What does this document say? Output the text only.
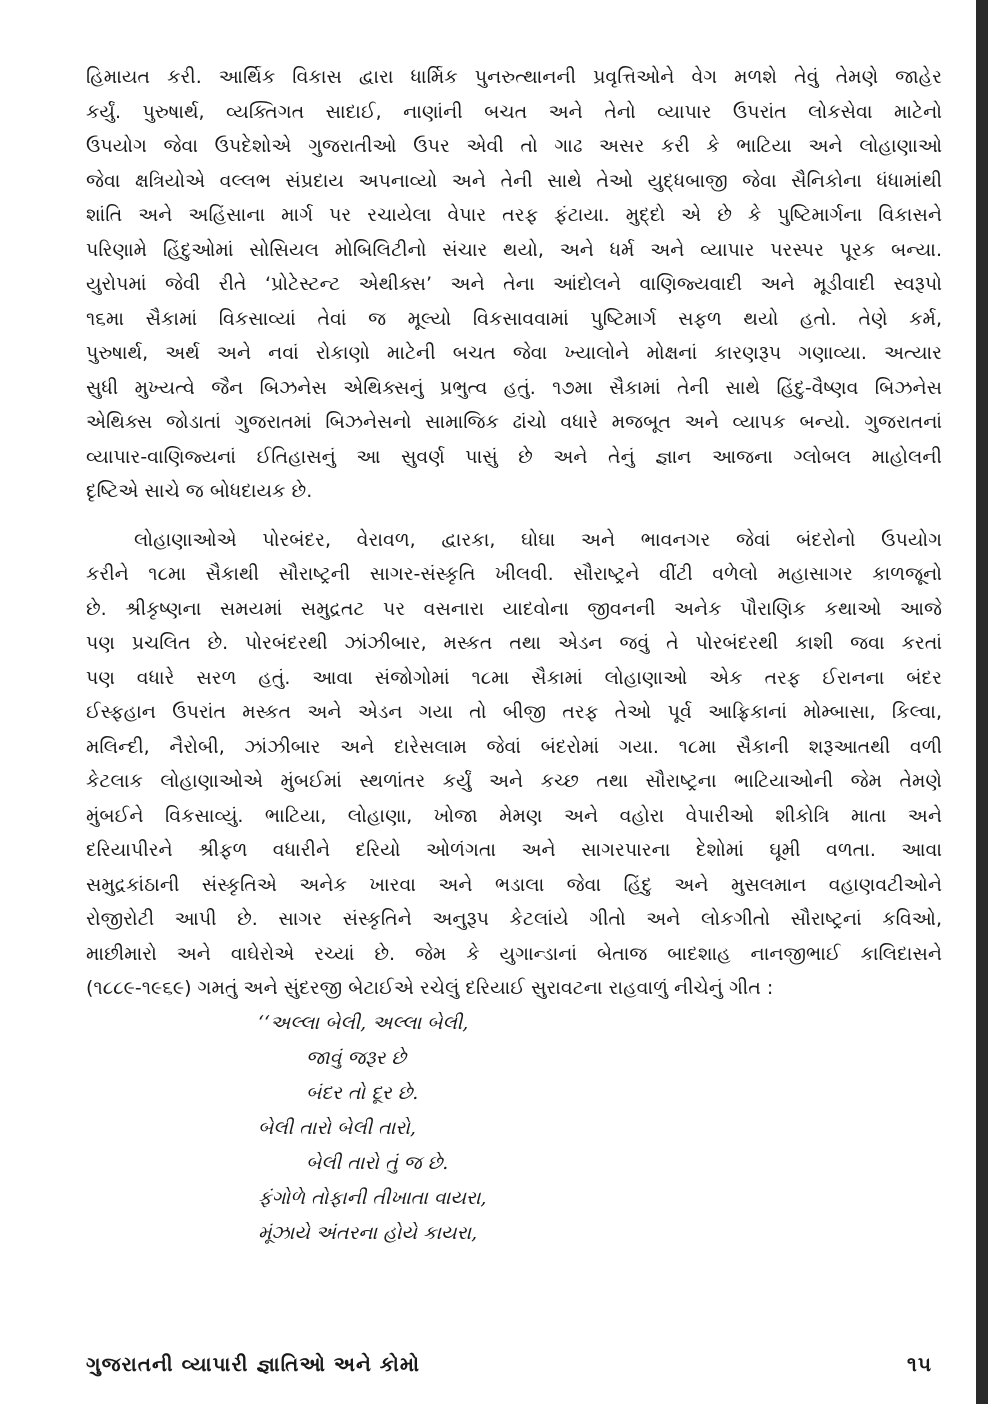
હિમાયત કરી. આર્થિક વિકાસ દ્વારા ધાર્મિક પુનરુત્થાનની પ્રવૃત્તિઓને વેગ મળશે તેવું તેમણે જાહેર
કર્યું. પુરુષાર્થ, વ્યક્તિગત સાદાઈ, નાણાંની બચત અને તેનો વ્યાપાર ઉપરાંત લોકસેવા માટેનો
ઉપયોગ જેવા ઉપદેશોએ ગુજરાતીઓ ઉપર એવી તો ગાઢ અસર કરી કે ભાટિયા અને લોહાણાઓ
જેવા ક્ષત્રિયોએ વલ્લભ સંપ્રદાય અપનાવ્યો અને તેની સાથે તેઓ યુદ્ધબાજી જેવા સૈનિકોના ધંધામાંથી
શાંતિ અને અહિંસાના માર્ગ પર રચાયેલા વેપાર તરફ ફંટાયા. મુદ્દો એ છે કે પુષ્ટિમાર્ગના વિકાસને
પરિણામે હિંદુઓમાં સોસિયલ મોબિલિટીનો સંચાર થયો, અને ધર્મ અને વ્યાપાર પરસ્પર પૂરક બન્યા.
યુરોપમાં જેવી રીતે ‘પ્રોટેસ્ટન્ટ એથીક્સ’ અને તેના આંદોલને વાણિજ્યવાદી અને મૂડીવાદી સ્વરૂપો
૧૬મા સૈકામાં વિકસાવ્યાં તેવાં જ મૂલ્યો વિકસાવવામાં પુષ્ટિમાર્ગ સફળ થયો હતો. તેણે કર્મ,
પુરુષાર્થ, અર્થ અને નવાં રોકાણો માટેની બચત જેવા ખ્યાલોને મોક્ષનાં કારણરૂપ ગણાવ્યા. અત્યાર
સુધી મુખ્યત્વે જૈન બિઝનેસ એથિક્સનું પ્રભુત્વ હતું. ૧૭મા સૈકામાં તેની સાથે હિંદુ-વૈષ્ણવ બિઝનેસ
એથિક્સ જોડાતાં ગુજરાતમાં બિઝનેસનો સામાજિક ઢાંચો વધારે મજબૂત અને વ્યાપક બન્યો. ગુજરાતનાં
વ્યાપાર-વાણિજ્યનાં ઈતિહાસનું આ સુવર્ણ પાસું છે અને તેનું જ્ઞાન આજના ગ્લોબલ માહોલની
દૃષ્ટિએ સાચે જ બોધદાયક છે.

લોહાણાઓએ પોરબંદર, વેરાવળ, દ્વારકા, ઘોઘા અને ભાવનગર જેવાં બંદરોનો ઉપયોગ
કરીને ૧૮મા સૈકાથી સૌરાષ્ટ્રની સાગર-સંસ્કૃતિ ખીલવી. સૌરાષ્ટ્રને વીંટી વળેલો મહાસાગર કાળજૂનો
છે. શ્રીકૃષ્ણના સમયમાં સમુદ્રતટ પર વસનારા યાદવોના જીવનની અનેક પૌરાણિક કથાઓ આજે
પણ પ્રચલિત છે. પોરબંદરથી ઝાંઝીબાર, મસ્કત તથા એડન જવું તે પોરબંદરથી કાશી જવા કરતાં
પણ વધારે સરળ હતું. આવા સંજોગોમાં ૧૮મા સૈકામાં લોહાણાઓ એક તરફ ઈરાનના બંદર
ઈસ્ફહાન ઉપરાંત મસ્કત અને એડન ગયા તો બીજી તરફ તેઓ પૂર્વ આફ્રિકાનાં મોમ્બાસા, કિલ્વા,
મલિન્દી, નૈરોબી, ઝાંઝીબાર અને દારેસલામ જેવાં બંદરોમાં ગયા. ૧૮મા સૈકાની શરૂઆતથી વળી
કેટલાક લોહાણાઓએ મુંબઈમાં સ્થળાંતર કર્યું અને કચ્છ તથા સૌરાષ્ટ્રના ભાટિયાઓની જેમ તેમણે
મુંબઈને વિકસાવ્યું. ભાટિયા, લોહાણા, ખોજા મેમણ અને વહોરા વેપારીઓ શીકોત્રિ માતા અને
દરિયાપીરને શ્રીફળ વધારીને દરિયો ઓળંગતા અને સાગરપારના દેશોમાં ઘૂમી વળતા. આવા
સમુદ્રકાંઠાની સંસ્કૃતિએ અનેક ખારવા અને ભડાલા જેવા હિંદુ અને મુસલમાન વહાણવટીઓને
રોજીરોટી આપી છે. સાગર સંસ્કૃતિને અનુરૂપ કેટલાંયે ગીતો અને લોકગીતો સૌરાષ્ટ્રનાં કવિઓ,
માછીમારો અને વાઘેરોએ રચ્યાં છે. જેમ કે યુગાન્ડાનાં બેતાજ બાદશાહ નાનજીભાઈ કાલિદાસને
(૧૮૮૯-૧૯૬૯) ગમતું અને સુંદરજી બેટાઈએ રચેલું દરિયાઈ સુરાવટના રાહવાળું નીચેનું ગીત :

‘‘અલ્લા બેલી, અલ્લા બેલી,
જાવું જરૂર છે
બંદર તો દૂર છે.
બેલી તારો બેલી તારો,
બેલી તારો તું જ છે.
ફંગોળે તોફાની તીખાતા વાયરા,
મૂંઝાયે અંતરના હોયે કાયરા,
ગુજરાતની વ્યાપારી જ્ઞાતિઓ અને કોમો	૧૫
